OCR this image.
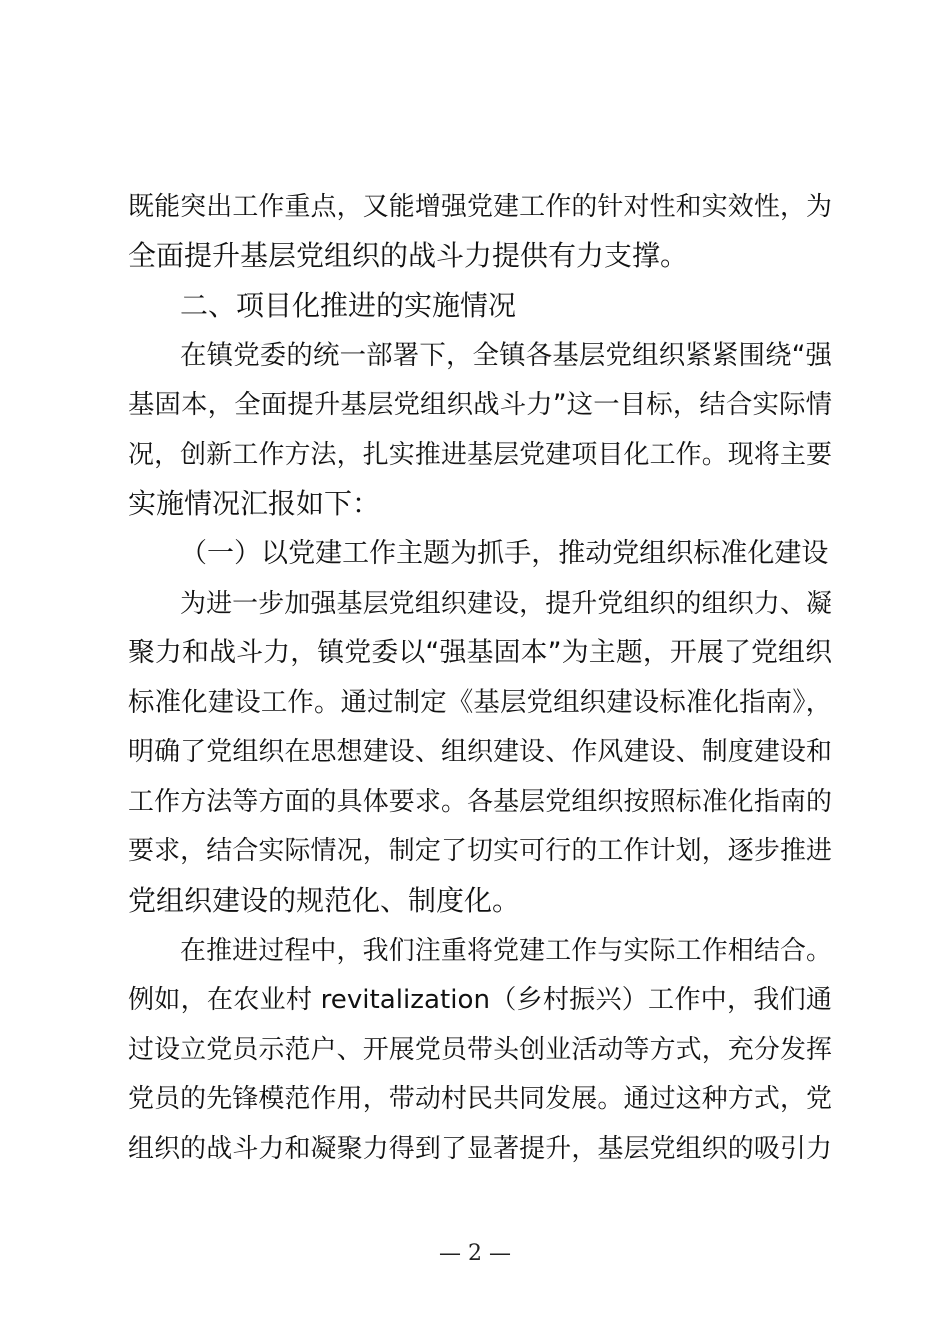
既能突出工作重点，又能增强党建工作的针对性和实效性，为
全面提升基层党组织的战斗力提供有力支撑。
二、项目化推进的实施情况
在镇党委的统一部署下，全镇各基层党组织紧紧围绕“强
基固本，全面提升基层党组织战斗力”这一目标，结合实际情
况，创新工作方法，扎实推进基层党建项目化工作。现将主要
实施情况汇报如下：
（一）以党建工作主题为抓手，推动党组织标准化建设
为进一步加强基层党组织建设，提升党组织的组织力、凝
聚力和战斗力，镇党委以“强基固本”为主题，开展了党组织
标准化建设工作。通过制定《基层党组织建设标准化指南》，
明确了党组织在思想建设、组织建设、作风建设、制度建设和
工作方法等方面的具体要求。各基层党组织按照标准化指南的
要求，结合实际情况，制定了切实可行的工作计划，逐步推进
党组织建设的规范化、制度化。
在推进过程中，我们注重将党建工作与实际工作相结合。
例如，在农业村 revitalization（乡村振兴）工作中，我们通
过设立党员示范户、开展党员带头创业活动等方式，充分发挥
党员的先锋模范作用，带动村民共同发展。通过这种方式，党
组织的战斗力和凝聚力得到了显著提升，基层党组织的吸引力
— 2 —
